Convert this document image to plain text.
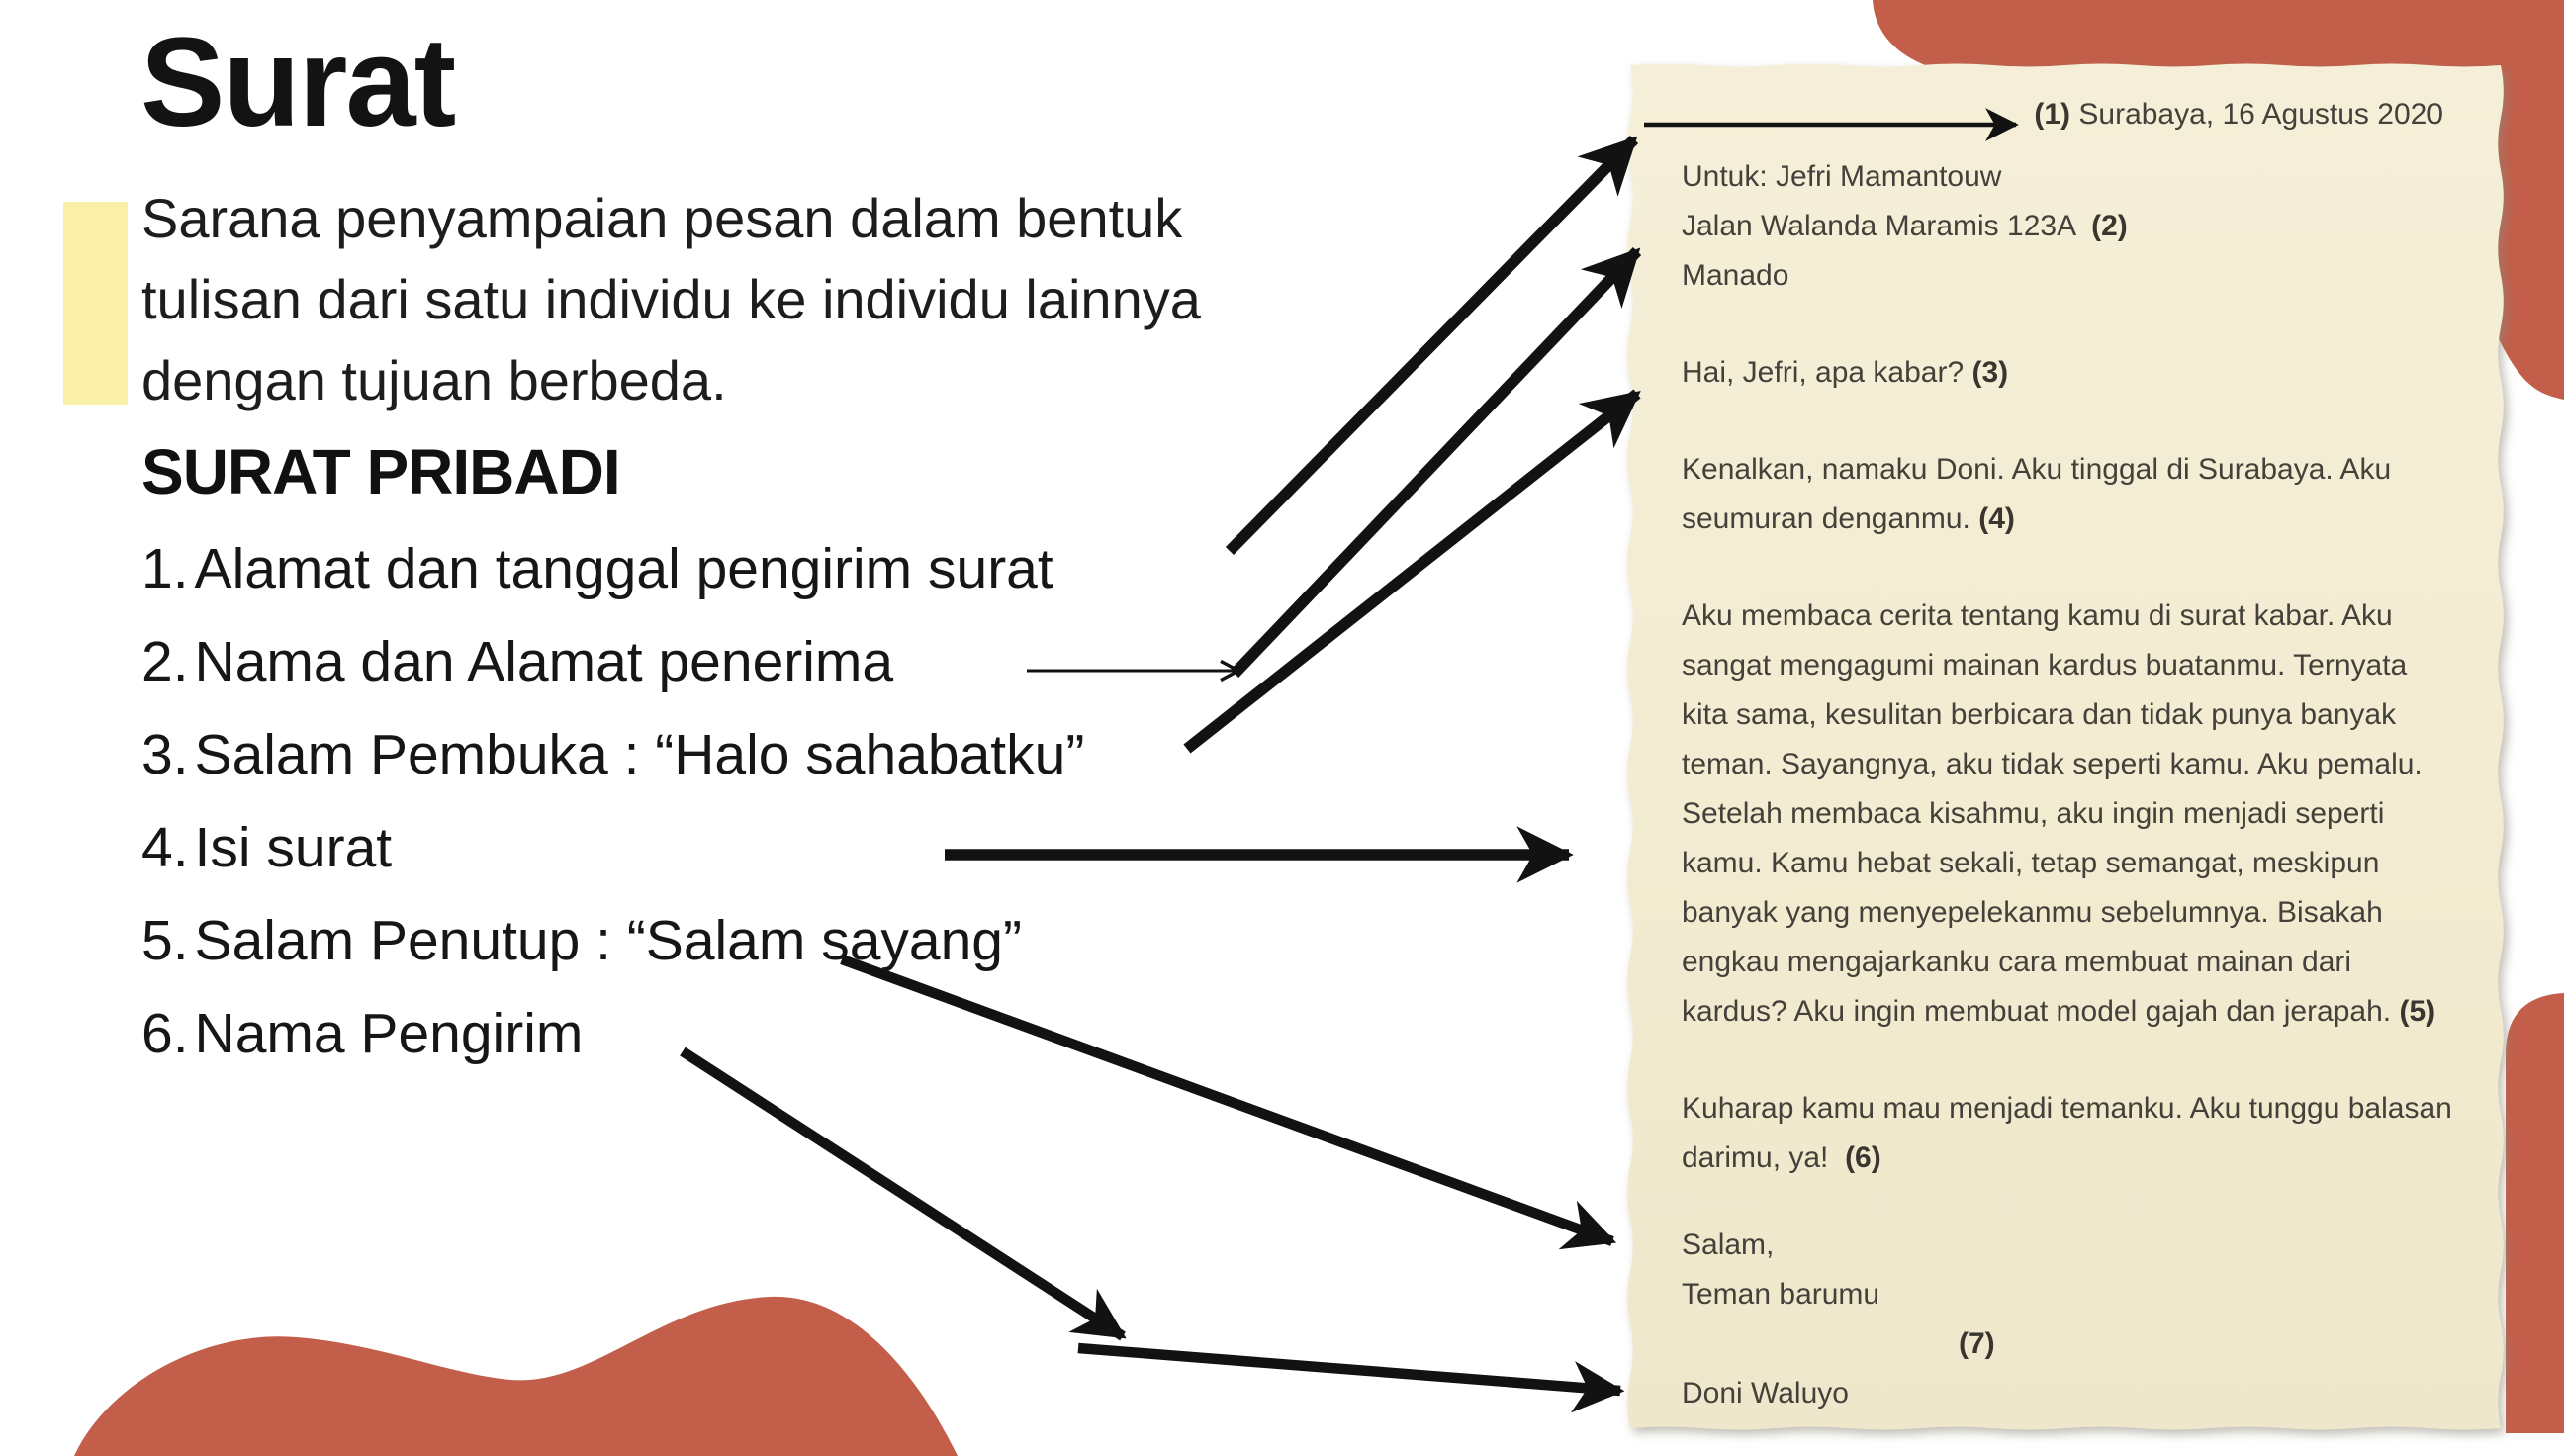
Surat
Sarana penyampaian pesan dalam bentuk
tulisan dari satu individu ke individu lainnya
dengan tujuan berbeda.
SURAT PRIBADI
1. Alamat dan tanggal pengirim surat
2. Nama dan Alamat penerima
3. Salam Pembuka : “Halo sahabatku”
4. Isi surat
5. Salam Penutup : “Salam sayang”
6. Nama Pengirim
(1) Surabaya, 16 Agustus 2020
Untuk: Jefri Mamantouw
Jalan Walanda Maramis 123A  (2)
Manado
Hai, Jefri, apa kabar? (3)
Kenalkan, namaku Doni. Aku tinggal di Surabaya. Aku
seumuran denganmu. (4)
Aku membaca cerita tentang kamu di surat kabar. Aku
sangat mengagumi mainan kardus buatanmu. Ternyata
kita sama, kesulitan berbicara dan tidak punya banyak
teman. Sayangnya, aku tidak seperti kamu. Aku pemalu.
Setelah membaca kisahmu, aku ingin menjadi seperti
kamu. Kamu hebat sekali, tetap semangat, meskipun
banyak yang menyepelekanmu sebelumnya. Bisakah
engkau mengajarkanku cara membuat mainan dari
kardus? Aku ingin membuat model gajah dan jerapah. (5)
Kuharap kamu mau menjadi temanku. Aku tunggu balasan
darimu, ya!  (6)
Salam,
Teman barumu
(7)
Doni Waluyo
